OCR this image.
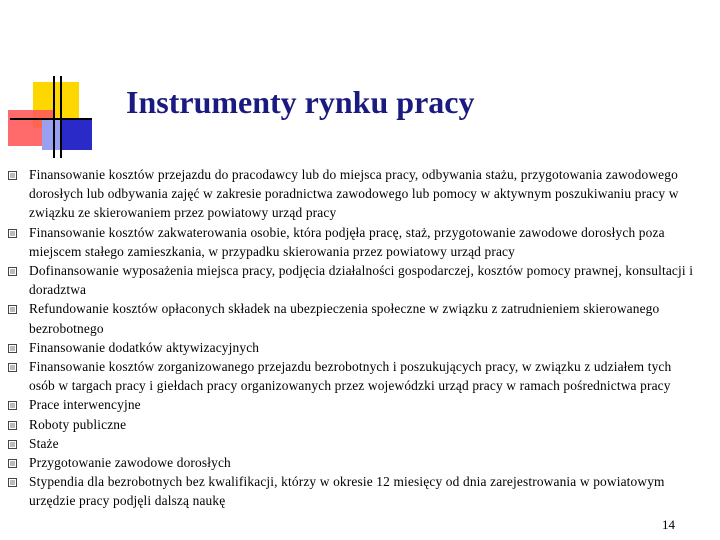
Instrumenty rynku pracy
Finansowanie kosztów przejazdu do pracodawcy lub do miejsca pracy, odbywania stażu, przygotowania zawodowego dorosłych lub odbywania zajęć w zakresie poradnictwa zawodowego lub pomocy w aktywnym poszukiwaniu pracy w związku ze skierowaniem przez powiatowy urząd pracy
Finansowanie kosztów zakwaterowania osobie, która podjęła pracę, staż, przygotowanie zawodowe dorosłych poza miejscem stałego zamieszkania, w przypadku skierowania przez powiatowy urząd pracy
Dofinansowanie wyposażenia miejsca pracy, podjęcia działalności gospodarczej, kosztów pomocy prawnej, konsultacji i doradztwa
Refundowanie kosztów opłaconych składek na ubezpieczenia społeczne w związku z zatrudnieniem skierowanego bezrobotnego
Finansowanie dodatków aktywizacyjnych
Finansowanie kosztów zorganizowanego przejazdu bezrobotnych i poszukujących pracy, w związku z udziałem tych osób w targach pracy i giełdach pracy organizowanych przez wojewódzki urząd pracy w ramach pośrednictwa pracy
Prace interwencyjne
Roboty publiczne
Staże
Przygotowanie zawodowe dorosłych
Stypendia dla bezrobotnych bez kwalifikacji, którzy w okresie 12 miesięcy od dnia zarejestrowania w powiatowym urzędzie pracy podjęli dalszą naukę
14
